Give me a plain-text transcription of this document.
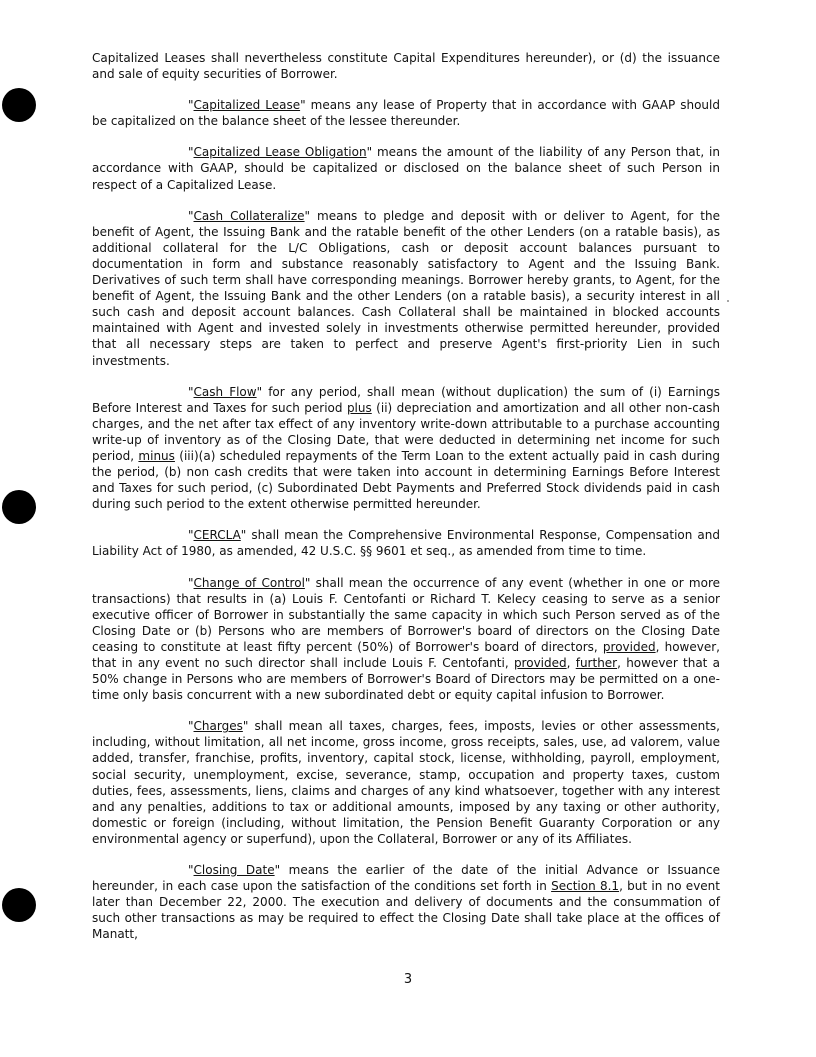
Capitalized Leases shall nevertheless constitute Capital Expenditures hereunder), or (d) the issuance and sale of equity securities of Borrower.

"Capitalized Lease" means any lease of Property that in accordance with GAAP should be capitalized on the balance sheet of the lessee thereunder.

"Capitalized Lease Obligation" means the amount of the liability of any Person that, in accordance with GAAP, should be capitalized or disclosed on the balance sheet of such Person in respect of a Capitalized Lease.

"Cash Collateralize" means to pledge and deposit with or deliver to Agent, for the benefit of Agent, the Issuing Bank and the ratable benefit of the other Lenders (on a ratable basis), as additional collateral for the L/C Obligations, cash or deposit account balances pursuant to documentation in form and substance reasonably satisfactory to Agent and the Issuing Bank. Derivatives of such term shall have corresponding meanings. Borrower hereby grants, to Agent, for the benefit of Agent, the Issuing Bank and the other Lenders (on a ratable basis), a security interest in all such cash and deposit account balances. Cash Collateral shall be maintained in blocked accounts maintained with Agent and invested solely in investments otherwise permitted hereunder, provided that all necessary steps are taken to perfect and preserve Agent's first-priority Lien in such investments.

"Cash Flow" for any period, shall mean (without duplication) the sum of (i) Earnings Before Interest and Taxes for such period plus (ii) depreciation and amortization and all other non-cash charges, and the net after tax effect of any inventory write-down attributable to a purchase accounting write-up of inventory as of the Closing Date, that were deducted in determining net income for such period, minus (iii)(a) scheduled repayments of the Term Loan to the extent actually paid in cash during the period, (b) non cash credits that were taken into account in determining Earnings Before Interest and Taxes for such period, (c) Subordinated Debt Payments and Preferred Stock dividends paid in cash during such period to the extent otherwise permitted hereunder.

"CERCLA" shall mean the Comprehensive Environmental Response, Compensation and Liability Act of 1980, as amended, 42 U.S.C. §§ 9601 et seq., as amended from time to time.

"Change of Control" shall mean the occurrence of any event (whether in one or more transactions) that results in (a) Louis F. Centofanti or Richard T. Kelecy ceasing to serve as a senior executive officer of Borrower in substantially the same capacity in which such Person served as of the Closing Date or (b) Persons who are members of Borrower's board of directors on the Closing Date ceasing to constitute at least fifty percent (50%) of Borrower's board of directors, provided, however, that in any event no such director shall include Louis F. Centofanti, provided, further, however that a 50% change in Persons who are members of Borrower's Board of Directors may be permitted on a one-time only basis concurrent with a new subordinated debt or equity capital infusion to Borrower.

"Charges" shall mean all taxes, charges, fees, imposts, levies or other assessments, including, without limitation, all net income, gross income, gross receipts, sales, use, ad valorem, value added, transfer, franchise, profits, inventory, capital stock, license, withholding, payroll, employment, social security, unemployment, excise, severance, stamp, occupation and property taxes, custom duties, fees, assessments, liens, claims and charges of any kind whatsoever, together with any interest and any penalties, additions to tax or additional amounts, imposed by any taxing or other authority, domestic or foreign (including, without limitation, the Pension Benefit Guaranty Corporation or any environmental agency or superfund), upon the Collateral, Borrower or any of its Affiliates.

"Closing Date" means the earlier of the date of the initial Advance or Issuance hereunder, in each case upon the satisfaction of the conditions set forth in Section 8.1, but in no event later than December 22, 2000. The execution and delivery of documents and the consummation of such other transactions as may be required to effect the Closing Date shall take place at the offices of Manatt,

3
